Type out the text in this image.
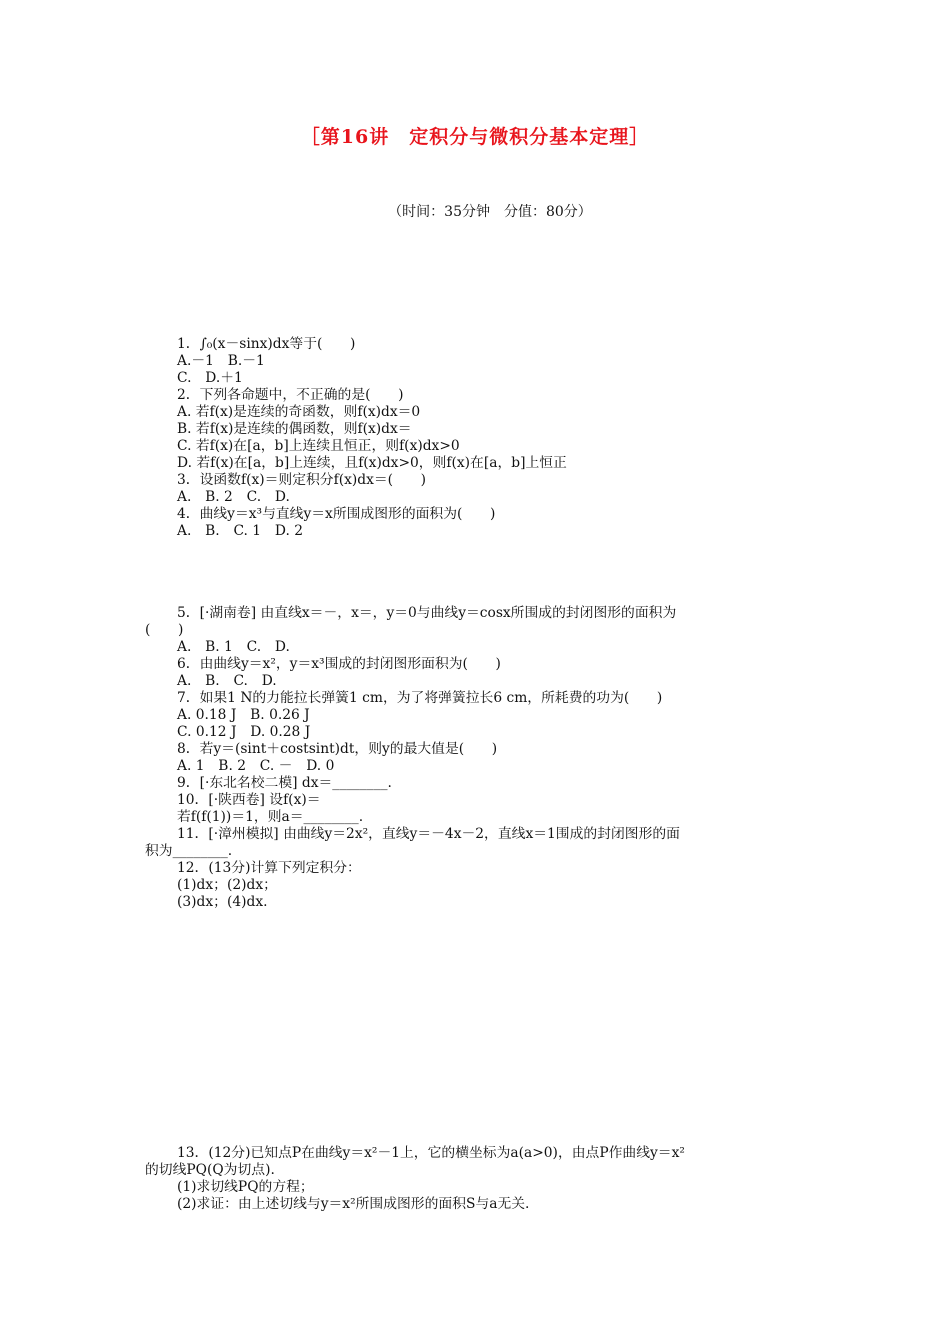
［第16讲　定积分与微积分基本定理］
（时间：35分钟　分值：80分）
1．∫₀(x－sinx)dx等于(　　)
A.－1　B.－1
C.　D.＋1
2．下列各命题中，不正确的是(　　)
A. 若f(x)是连续的奇函数，则f(x)dx＝0
B. 若f(x)是连续的偶函数，则f(x)dx＝
C. 若f(x)在[a，b]上连续且恒正，则f(x)dx>0
D. 若f(x)在[a，b]上连续，且f(x)dx>0，则f(x)在[a，b]上恒正
3．设函数f(x)＝则定积分f(x)dx＝(　　)
A.　B. 2　C.　D.
4．曲线y＝x³与直线y＝x所围成图形的面积为(　　)
A.　B.　C. 1　D. 2
5．[·湖南卷] 由直线x＝－，x＝，y＝0与曲线y＝cosx所围成的封闭图形的面积为
(　　)
A.　B. 1　C.　D.
6．由曲线y＝x²，y＝x³围成的封闭图形面积为(　　)
A.　B.　C.　D.
7．如果1 N的力能拉长弹簧1 cm，为了将弹簧拉长6 cm，所耗费的功为(　　)
A. 0.18 J　B. 0.26 J
C. 0.12 J　D. 0.28 J
8．若y＝(sint＋costsint)dt，则y的最大值是(　　)
A. 1　B. 2　C. －　D. 0
9．[·东北名校二模] dx＝________.
10．[·陕西卷] 设f(x)＝
若f(f(1))＝1，则a＝________.
11．[·漳州模拟] 由曲线y＝2x²，直线y＝－4x－2，直线x＝1围成的封闭图形的面
积为________.
12．(13分)计算下列定积分：
(1)dx；(2)dx；
(3)dx；(4)dx.
13．(12分)已知点P在曲线y＝x²－1上，它的横坐标为a(a>0)，由点P作曲线y＝x²
的切线PQ(Q为切点).
(1)求切线PQ的方程；
(2)求证：由上述切线与y＝x²所围成图形的面积S与a无关.
